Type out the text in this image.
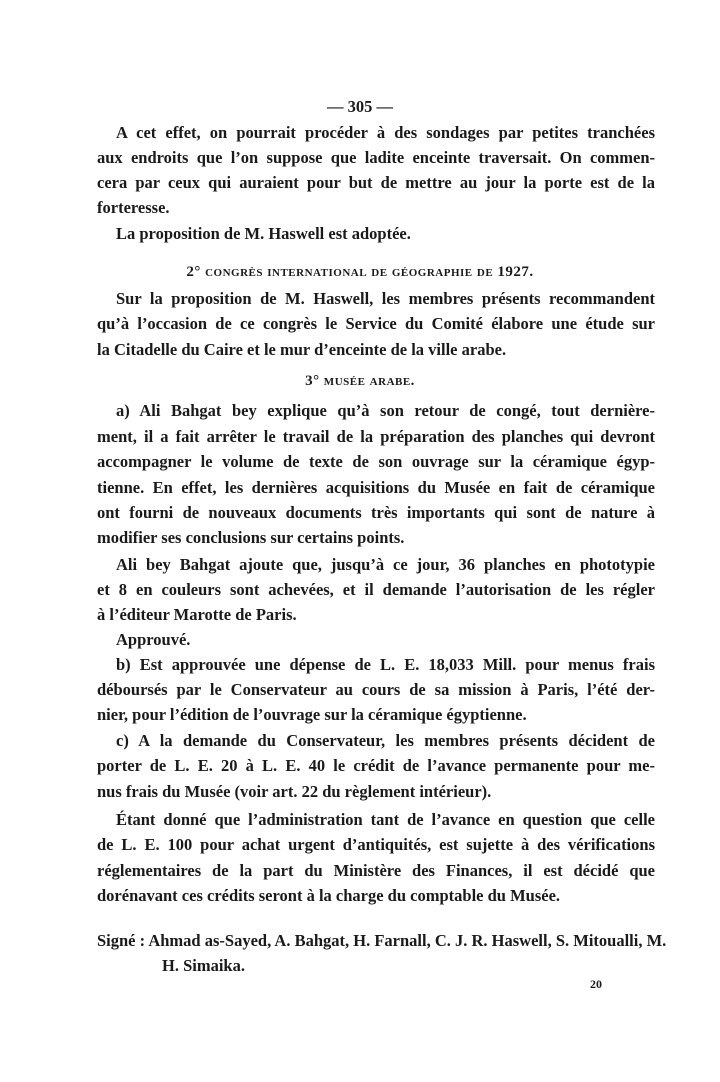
— 305 —
2° congrès international de géographie de 1927.
3° musée arabe.
A cet effet, on pourrait procéder à des sondages par petites tranchées
aux endroits que l’on suppose que ladite enceinte traversait. On commen-
cera par ceux qui auraient pour but de mettre au jour la porte est de la
forteresse.
La proposition de M. Haswell est adoptée.
Sur la proposition de M. Haswell, les membres présents recommandent
qu’à l’occasion de ce congrès le Service du Comité élabore une étude sur
la Citadelle du Caire et le mur d’enceinte de la ville arabe.
a) Ali Bahgat bey explique qu’à son retour de congé, tout dernière-
ment, il a fait arrêter le travail de la préparation des planches qui devront
accompagner le volume de texte de son ouvrage sur la céramique égyp-
tienne. En effet, les dernières acquisitions du Musée en fait de céramique
ont fourni de nouveaux documents très importants qui sont de nature à
modifier ses conclusions sur certains points.
Ali bey Bahgat ajoute que, jusqu’à ce jour, 36 planches en phototypie
et 8 en couleurs sont achevées, et il demande l’autorisation de les régler
à l’éditeur Marotte de Paris.
Approuvé.
b) Est approuvée une dépense de L. E. 18,033 Mill. pour menus frais
déboursés par le Conservateur au cours de sa mission à Paris, l’été der-
nier, pour l’édition de l’ouvrage sur la céramique égyptienne.
c) A la demande du Conservateur, les membres présents décident de
porter de L. E. 20 à L. E. 40 le crédit de l’avance permanente pour me-
nus frais du Musée (voir art. 22 du règlement intérieur).
Étant donné que l’administration tant de l’avance en question que celle
de L. E. 100 pour achat urgent d’antiquités, est sujette à des vérifications
réglementaires de la part du Ministère des Finances, il est décidé que
dorénavant ces crédits seront à la charge du comptable du Musée.
Signé : Ahmad as-Sayed, A. Bahgat, H. Farnall, C. J. R. Haswell, S. Mitoualli, M.
H. Simaika.
20
